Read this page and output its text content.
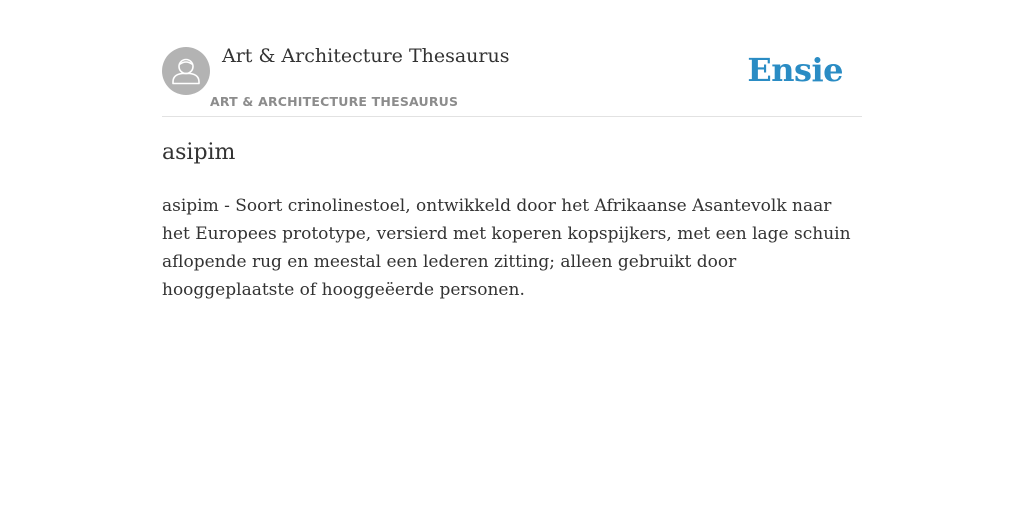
Art & Architecture Thesaurus
ART & ARCHITECTURE THESAURUS
Ensie
asipim

asipim - Soort crinolinestoel, ontwikkeld door het Afrikaanse Asantevolk naar het Europees prototype, versierd met koperen kopspijkers, met een lage schuin aflopende rug en meestal een lederen zitting; alleen gebruikt door hooggeplaatste of hooggeëerde personen.
